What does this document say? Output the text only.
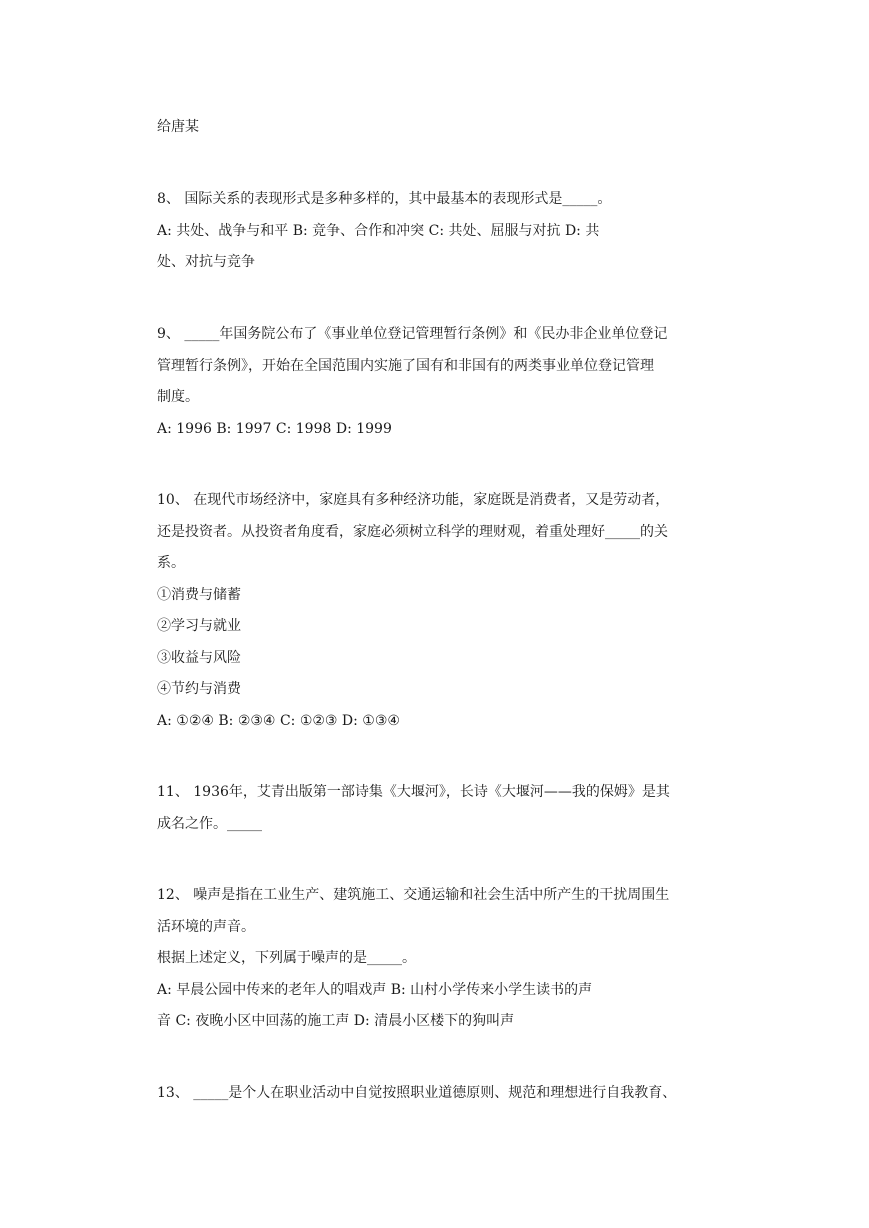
给唐某
8、 国际关系的表现形式是多种多样的，其中最基本的表现形式是_____。
A: 共处、战争与和平 B: 竞争、合作和冲突 C: 共处、屈服与对抗 D: 共
处、对抗与竞争
9、 _____年国务院公布了《事业单位登记管理暂行条例》和《民办非企业单位登记
管理暂行条例》，开始在全国范围内实施了国有和非国有的两类事业单位登记管理
制度。
A: 1996 B: 1997 C: 1998 D: 1999
10、 在现代市场经济中，家庭具有多种经济功能，家庭既是消费者，又是劳动者，
还是投资者。从投资者角度看，家庭必须树立科学的理财观，着重处理好_____的关
系。
①消费与储蓄
②学习与就业
③收益与风险
④节约与消费
A: ①②④ B: ②③④ C: ①②③ D: ①③④
11、 1936年，艾青出版第一部诗集《大堰河》，长诗《大堰河——我的保姆》是其
成名之作。_____
12、 噪声是指在工业生产、建筑施工、交通运输和社会生活中所产生的干扰周围生
活环境的声音。
根据上述定义，下列属于噪声的是_____。
A: 早晨公园中传来的老年人的唱戏声 B: 山村小学传来小学生读书的声
音 C: 夜晚小区中回荡的施工声 D: 清晨小区楼下的狗叫声
13、 _____是个人在职业活动中自觉按照职业道德原则、规范和理想进行自我教育、
